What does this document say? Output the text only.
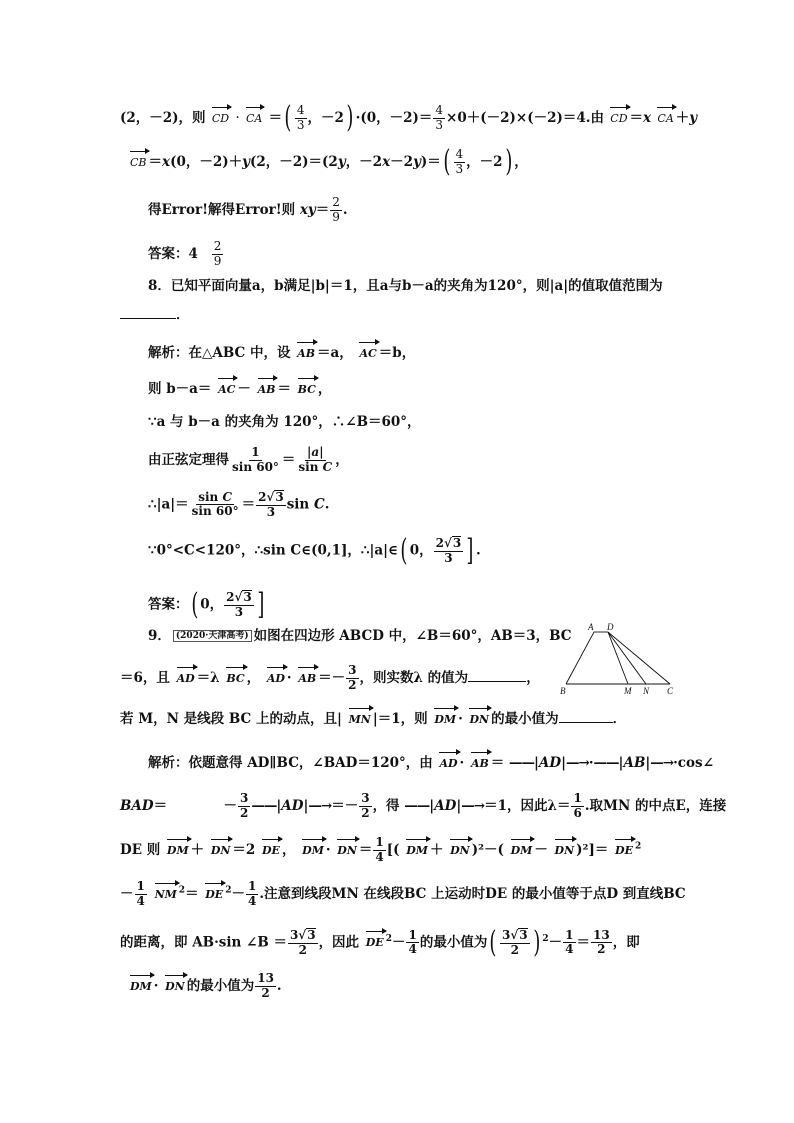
(2，－2)，则 CD · CA ＝( $\frac{4}{3}$ ，－2) ·(0，$-2)= \frac{4}{3} \times 0+(-2)\times(-2)=4$.由 CD ＝x CA ＋y
CB ＝x(0，－2)＋y(2，－2)＝(2y，$-2x-2y)=( \frac{4}{3}$ ，－2) ，
得Error!解得Error!则 $xy= \frac{2}{9}$ .
答案：$4 \frac{2}{9}$
8．已知平面向量a，b满足|b|＝1，且a与b－a的夹角为120°，则|a|的值取值范围为
．
解析：在△ABC 中，设 AB ＝a， AC ＝b，
则 b－a＝ AC － AB ＝ BC ，
∵a 与 b－a 的夹角为 120°，∴∠B＝60°，
由正弦定理得 $\frac{1}{\sin 60^\circ} = \frac{|a|}{\text{sin C}}$ ，
∴|a|＝ $\frac{\text{sin C}}{\sin 60^\circ} = \frac{2√3}{3}$ sin C.
∵0°<C<120°，∴sin C∈(0,1]，∴|a|∈( 0， $\frac{2√3}{3}$ ] .
答案：( 0， $\frac{2√3}{3}$ ]
9． (2020·天津高考) 如图在四边形 ABCD 中，∠B＝60°，AB＝3，BC
＝6，且 AD ＝λ BC ， AD · AB ＝－ $\frac{3}{2}$ ，则实数λ 的值为	，
若 M，N 是线段 BC 上的动点，且| MN |＝1，则 DM · DN 的最小值为	．
A D
B	M N C
解析：依题意得 AD∥BC，∠BAD＝120°，由 AD · AB ＝ ——|AD|—→·——|AB|—→·cos∠
BAD＝            － $\frac{3}{2}$ ——|AD|—→＝－ $\frac{3}{2}$ ，得 ——|AD|—→＝1，因此$\lambda= \frac{1}{6}$ .取MN 的中点E，连接
DE 则 DM ＋ DN ＝2 DE ， DM · DN ＝ $\frac{1}{4}$ [( DM ＋ DN )²－( DM － DN )²]＝ DE $^2$
－ $\frac{1}{4}$ NM $^2$＝ DE $^2- \frac{1}{4}$ .注意到线段MN 在线段BC 上运动时DE 的最小值等于点D 到直线BC
的距离，即 AB·sin ∠B ＝ $\frac{3√3}{2}$ ，因此 DE $^2- \frac{1}{4}$ 的最小值为( $\frac{3√3}{2}$ ) $^2- \frac{1}{4} = \frac{13}{2}$ ，即
DM · DN 的最小值为 $\frac{13}{2}$ .
